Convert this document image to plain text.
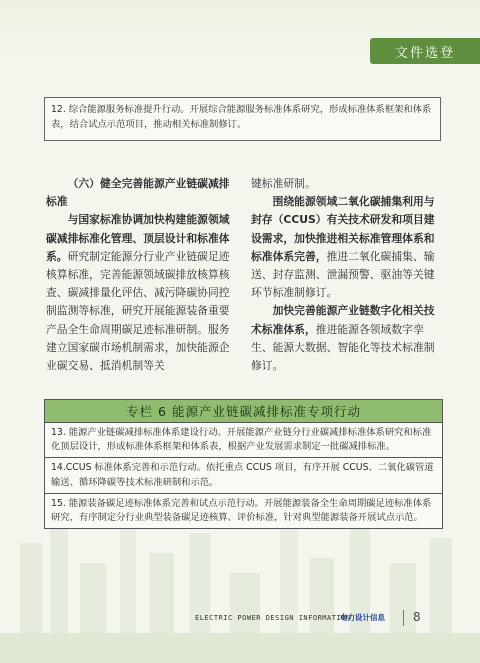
文件选登
12. 综合能源服务标准提升行动。开展综合能源服务标准体系研究，形成标准体系框架和体系表，结合试点示范项目，推动相关标准制修订。

（六）健全完善能源产业链碳减排标准

与国家标准协调加快构建能源领域碳减排标准化管理、顶层设计和标准体系。研究制定能源分行业产业链碳足迹核算标准，完善能源领域碳排放核算核查、碳减排量化评估、减污降碳协同控制监测等标准，研究开展能源装备重要产品全生命周期碳足迹标准研制。服务建立国家碳市场机制需求，加快能源企业碳交易、抵消机制等关

键标准研制。

围绕能源领域二氧化碳捕集利用与封存（CCUS）有关技术研发和项目建设需求，加快推进相关标准管理体系和标准体系完善，推进二氧化碳捕集、输送、封存监测、泄漏预警、驱油等关键环节标准制修订。

加快完善能源产业链数字化相关技术标准体系，推进能源各领域数字孪生、能源大数据、智能化等技术标准制修订。

专栏 6 能源产业链碳减排标准专项行动
13. 能源产业链碳减排标准体系建设行动。开展能源产业链分行业碳减排标准体系研究和标准化顶层设计，形成标准体系框架和体系表，根据产业发展需求制定一批碳减排标准。
14.CCUS 标准体系完善和示范行动。依托重点 CCUS 项目，有序开展 CCUS、二氧化碳管道输送、循环降碳等技术标准研制和示范。
15. 能源装备碳足迹标准体系完善和试点示范行动。开展能源装备全生命周期碳足迹标准体系研究，有序制定分行业典型装备碳足迹核算、评价标准，针对典型能源装备开展试点示范。
ELECTRIC POWER DESIGN INFORMATION
电力设计信息 8
